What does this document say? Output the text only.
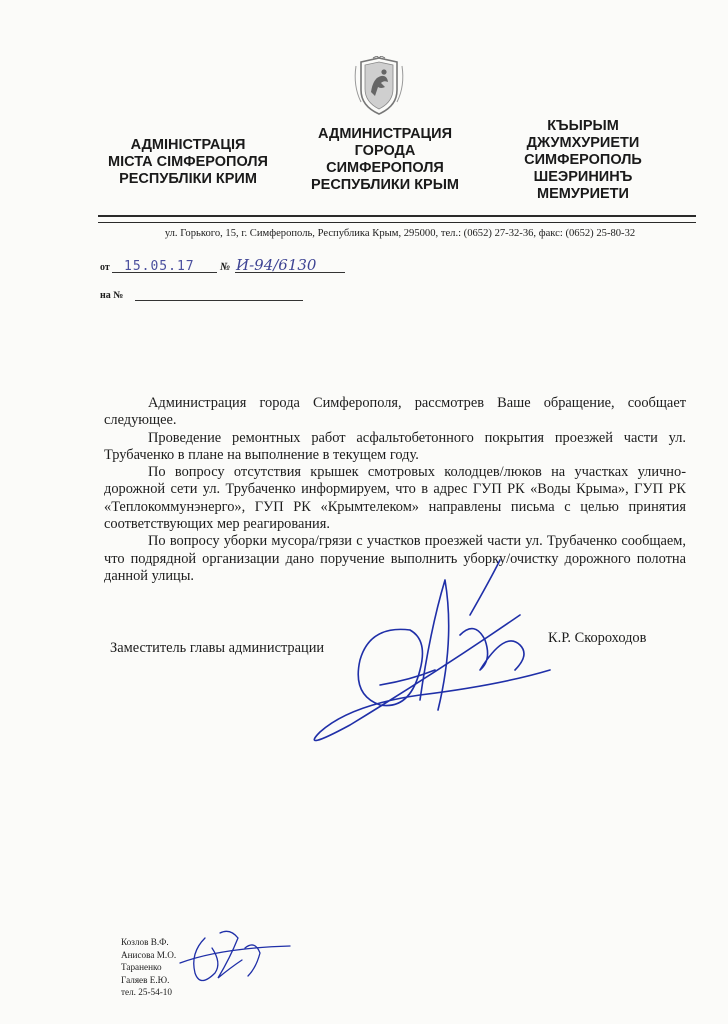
АДМІНІСТРАЦІЯ
МІСТА СІМФЕРОПОЛЯ
РЕСПУБЛІКИ КРИМ
АДМИНИСТРАЦИЯ
ГОРОДА
СИМФЕРОПОЛЯ
РЕСПУБЛИКИ КРЫМ
КЪЫРЫМ
ДЖУМХУРИЕТИ
СИМФЕРОПОЛЬ
ШЕЭРИНИНЪ
МЕМУРИЕТИ
ул. Горького, 15, г. Симферополь, Республика Крым, 295000, тел.: (0652) 27-32-36, факс: (0652) 25-80-32
от 15.05.17 № И-94/6130
на №

Администрация города Симферополя, рассмотрев Ваше обращение, сообщает следующее.

Проведение ремонтных работ асфальтобетонного покрытия проезжей части ул. Трубаченко в плане на выполнение в текущем году.

По вопросу отсутствия крышек смотровых колодцев/люков на участках улично-дорожной сети ул. Трубаченко информируем, что в адрес ГУП РК «Воды Крыма», ГУП РК «Теплокоммунэнерго», ГУП РК «Крымтелеком» направлены письма с целью принятия соответствующих мер реагирования.

По вопросу уборки мусора/грязи с участков проезжей части ул. Трубаченко сообщаем, что подрядной организации дано поручение выполнить уборку/очистку дорожного полотна данной улицы.

Заместитель главы администрации
К.Р. Скороходов
Козлов В.Ф.
Анисова М.О.
Тараненко
Галяев Е.Ю.
тел. 25-54-10
